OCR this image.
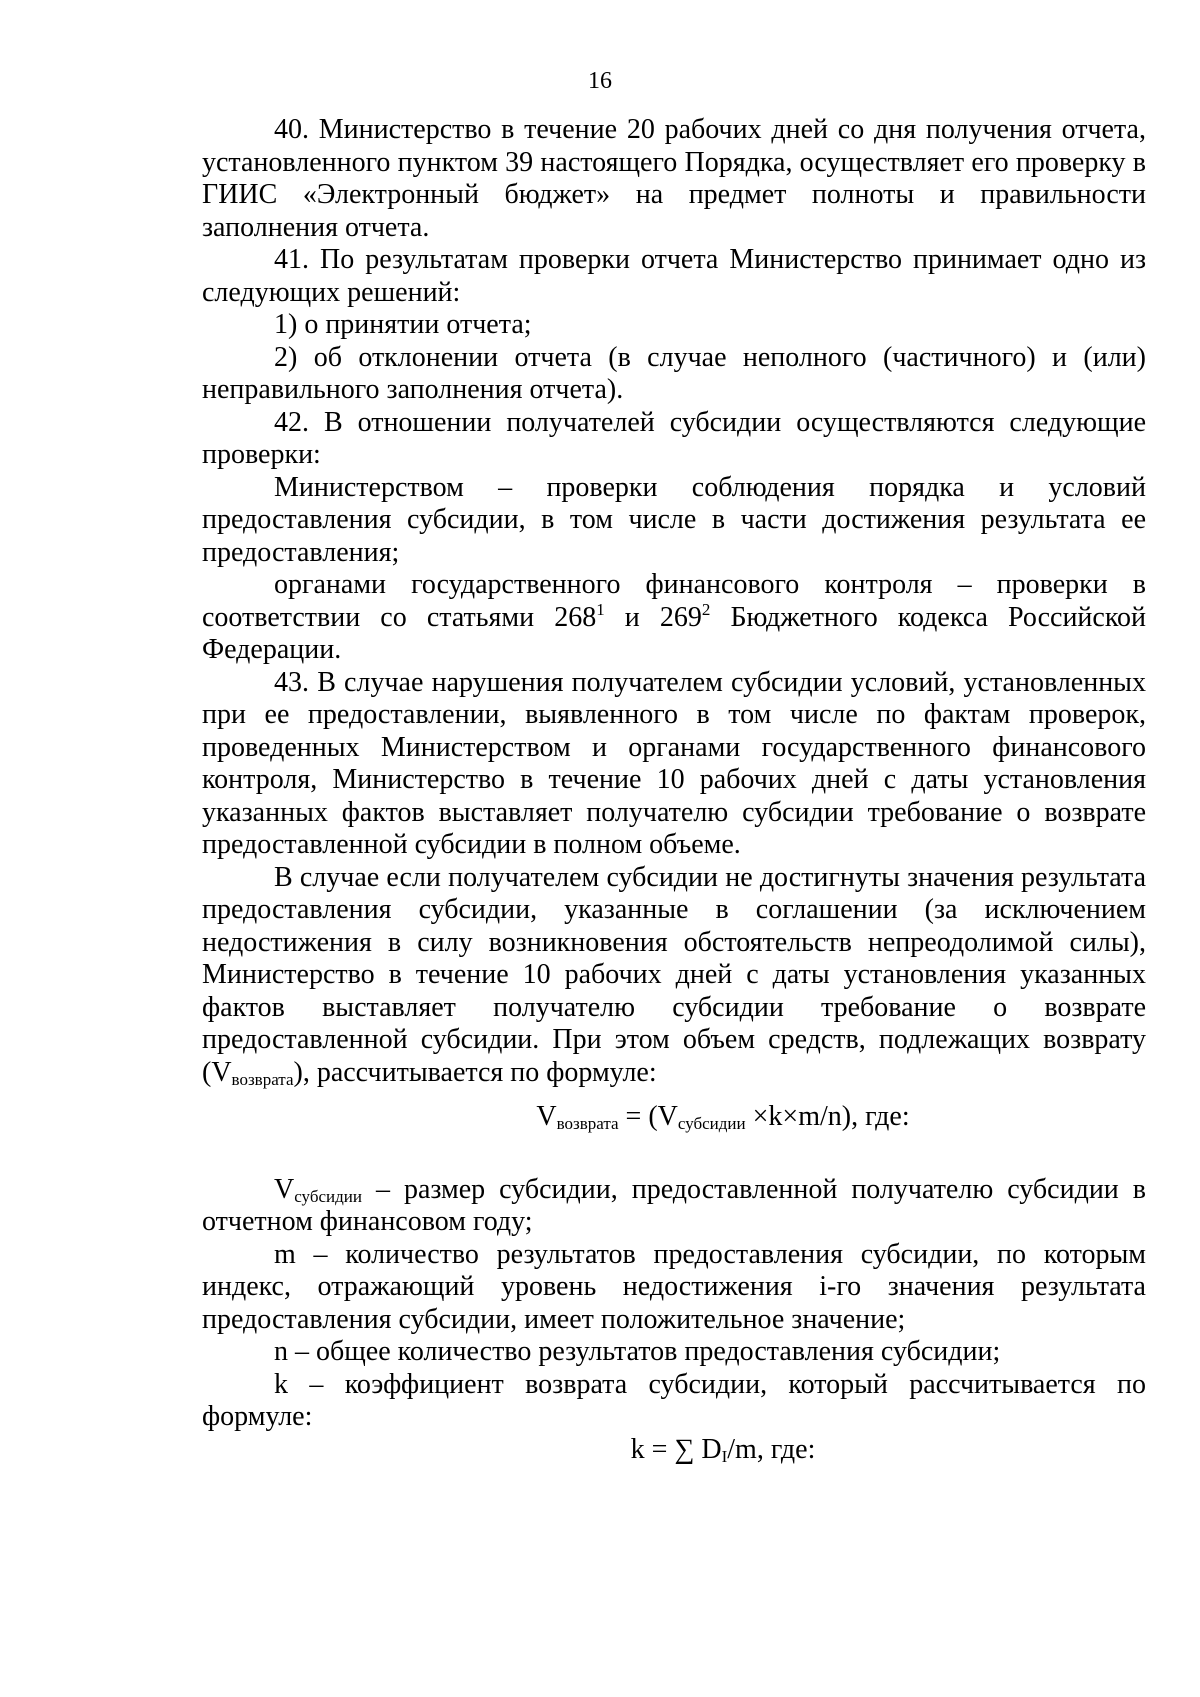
16

40. Министерство в течение 20 рабочих дней со дня получения отчета, установленного пунктом 39 настоящего Порядка, осуществляет его проверку в ГИИС «Электронный бюджет» на предмет полноты и правильности заполнения отчета.

41. По результатам проверки отчета Министерство принимает одно из следующих решений:

1) о принятии отчета;

2) об отклонении отчета (в случае неполного (частичного) и (или) неправильного заполнения отчета).

42. В отношении получателей субсидии осуществляются следующие проверки:

Министерством – проверки соблюдения порядка и условий предоставления субсидии, в том числе в части достижения результата ее предоставления;

органами государственного финансового контроля – проверки в соответствии со статьями $268^1$ и $269^2$ Бюджетного кодекса Российской Федерации.

43. В случае нарушения получателем субсидии условий, установленных при ее предоставлении, выявленного в том числе по фактам проверок, проведенных Министерством и органами государственного финансового контроля, Министерство в течение 10 рабочих дней с даты установления указанных фактов выставляет получателю субсидии требование о возврате предоставленной субсидии в полном объеме.

В случае если получателем субсидии не достигнуты значения результата предоставления субсидии, указанные в соглашении (за исключением недостижения в силу возникновения обстоятельств непреодолимой силы), Министерство в течение 10 рабочих дней с даты установления указанных фактов выставляет получателю субсидии требование о возврате предоставленной субсидии. При этом объем средств, подлежащих возврату $(V_{возврата})$, рассчитывается по формуле:

$V_{возврата} = (V_{субсидии} \times k\times m/n)$, где:

$V_{субсидии}$ – размер субсидии, предоставленной получателю субсидии в отчетном финансовом году;

m – количество результатов предоставления субсидии, по которым индекс, отражающий уровень недостижения i-го значения результата предоставления субсидии, имеет положительное значение;

n – общее количество результатов предоставления субсидии;

k – коэффициент возврата субсидии, который рассчитывается по формуле:

k = ∑ $D_I/m$, где:
